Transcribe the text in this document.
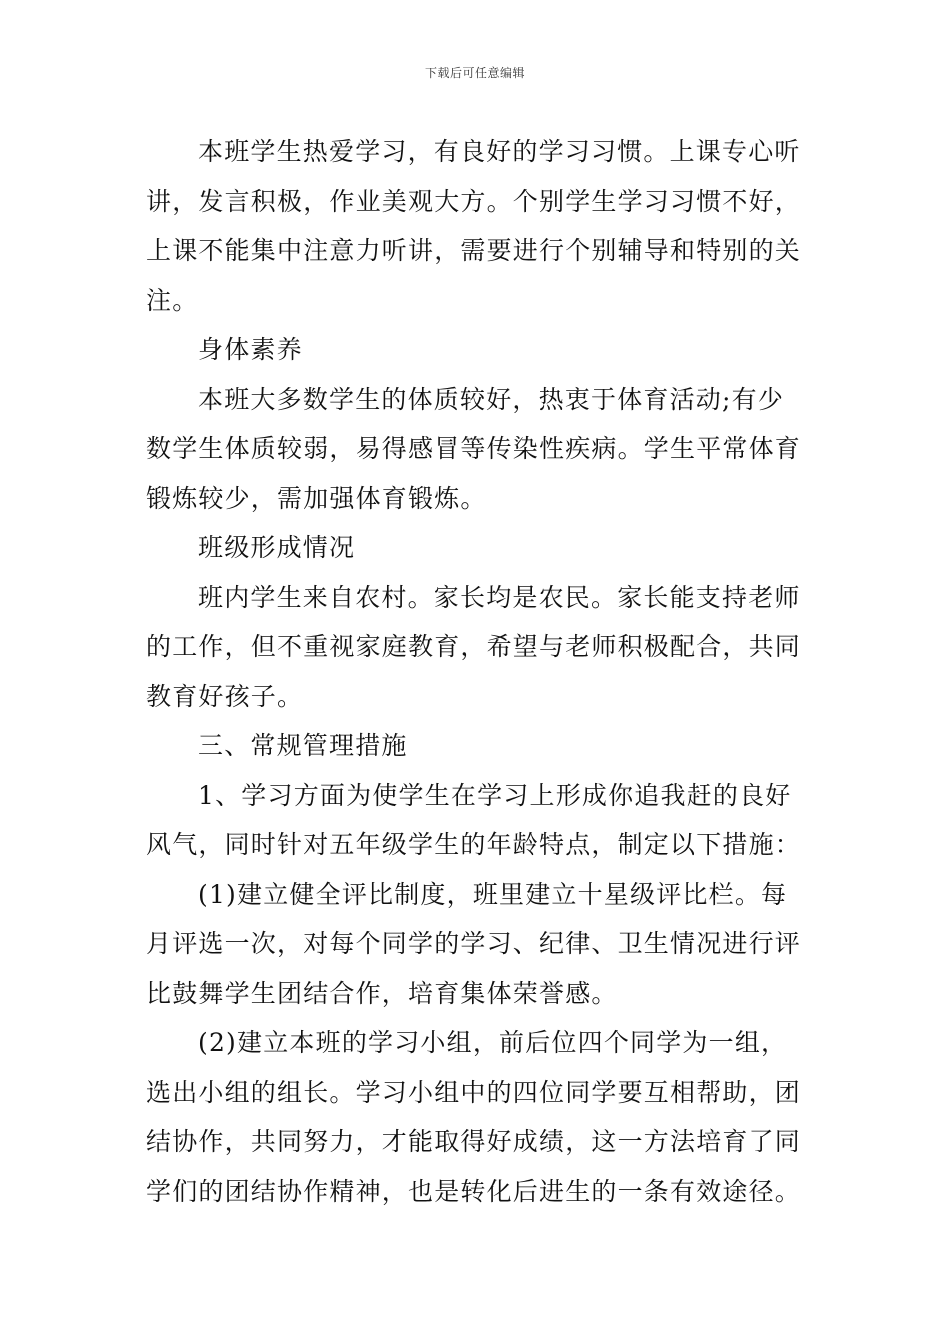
下载后可任意编辑

本班学生热爱学习，有良好的学习习惯。上课专心听讲，发言积极，作业美观大方。个别学生学习习惯不好，上课不能集中注意力听讲，需要进行个别辅导和特别的关注。

身体素养

本班大多数学生的体质较好，热衷于体育活动;有少数学生体质较弱，易得感冒等传染性疾病。学生平常体育锻炼较少，需加强体育锻炼。

班级形成情况

班内学生来自农村。家长均是农民。家长能支持老师的工作，但不重视家庭教育，希望与老师积极配合，共同教育好孩子。

三、常规管理措施

1、学习方面为使学生在学习上形成你追我赶的良好风气，同时针对五年级学生的年龄特点，制定以下措施：

(1)建立健全评比制度，班里建立十星级评比栏。每月评选一次，对每个同学的学习、纪律、卫生情况进行评比鼓舞学生团结合作，培育集体荣誉感。

(2)建立本班的学习小组，前后位四个同学为一组，选出小组的组长。学习小组中的四位同学要互相帮助，团结协作，共同努力，才能取得好成绩，这一方法培育了同学们的团结协作精神，也是转化后进生的一条有效途径。
